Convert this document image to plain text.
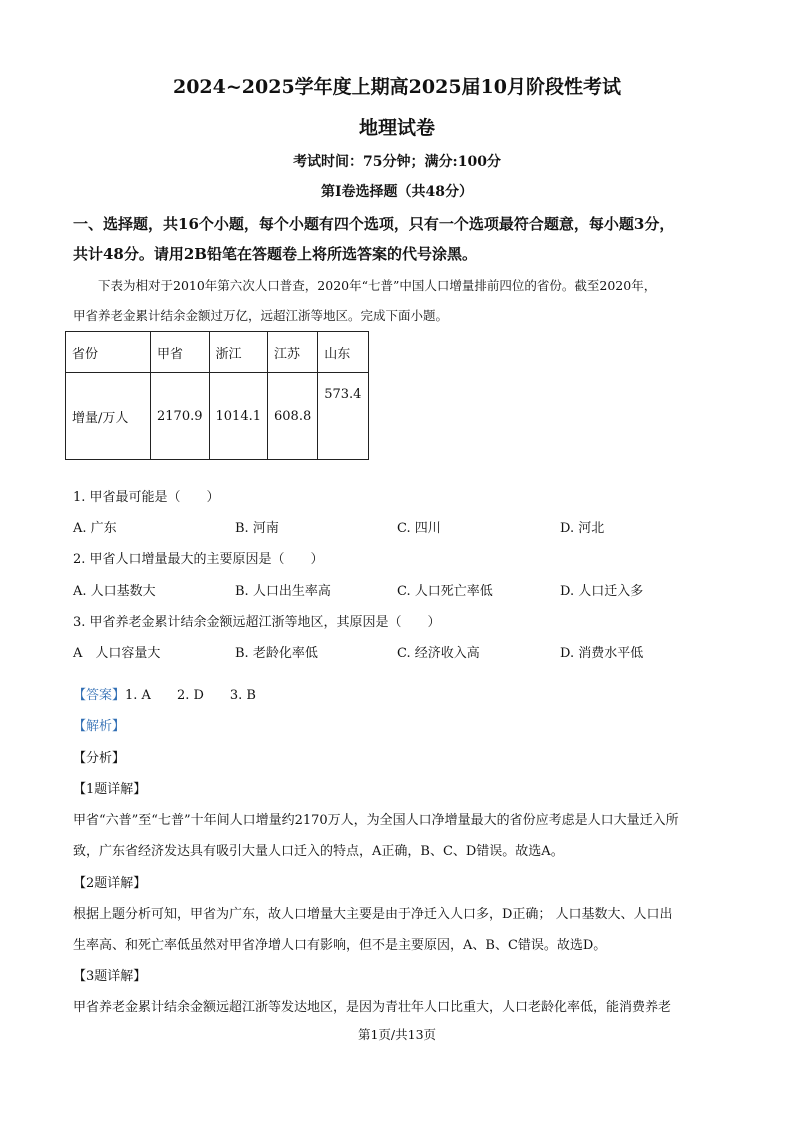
2024~2025学年度上期高2025届10月阶段性考试
地理试卷
考试时间：75分钟；满分:100分
第I卷选择题（共48分）
一、选择题，共16个小题，每个小题有四个选项，只有一个选项最符合题意，每小题3分，
共计48分。请用2B铅笔在答题卷上将所选答案的代号涂黑。
下表为相对于2010年第六次人口普查，2020年“七普”中国人口增量排前四位的省份。截至2020年，
甲省养老金累计结余金额过万亿，远超江浙等地区。完成下面小题。
省份	甲省	浙江	江苏	山东
增量/万人	2170.9	1014.1	608.8	573.4
1. 甲省最可能是（　　）
A. 广东	B. 河南	C. 四川	D. 河北
2. 甲省人口增量最大的主要原因是（　　）
A. 人口基数大	B. 人口出生率高	C. 人口死亡率低	D. 人口迁入多
3. 甲省养老金累计结余金额远超江浙等地区，其原因是（　　）
A　人口容量大	B. 老龄化率低	C. 经济收入高	D. 消费水平低
【答案】1. A　　2. D　　3. B
【解析】
【分析】
【1题详解】
甲省“六普”至“七普”十年间人口增量约2170万人，为全国人口净增量最大的省份应考虑是人口大量迁入所
致，广东省经济发达具有吸引大量人口迁入的特点，A正确，B、C、D错误。故选A。
【2题详解】
根据上题分析可知，甲省为广东，故人口增量大主要是由于净迁入人口多，D正确； 人口基数大、人口出
生率高、和死亡率低虽然对甲省净增人口有影响，但不是主要原因，A、B、C错误。故选D。
【3题详解】
甲省养老金累计结余金额远超江浙等发达地区，是因为青壮年人口比重大，人口老龄化率低，能消费养老
第1页/共13页
